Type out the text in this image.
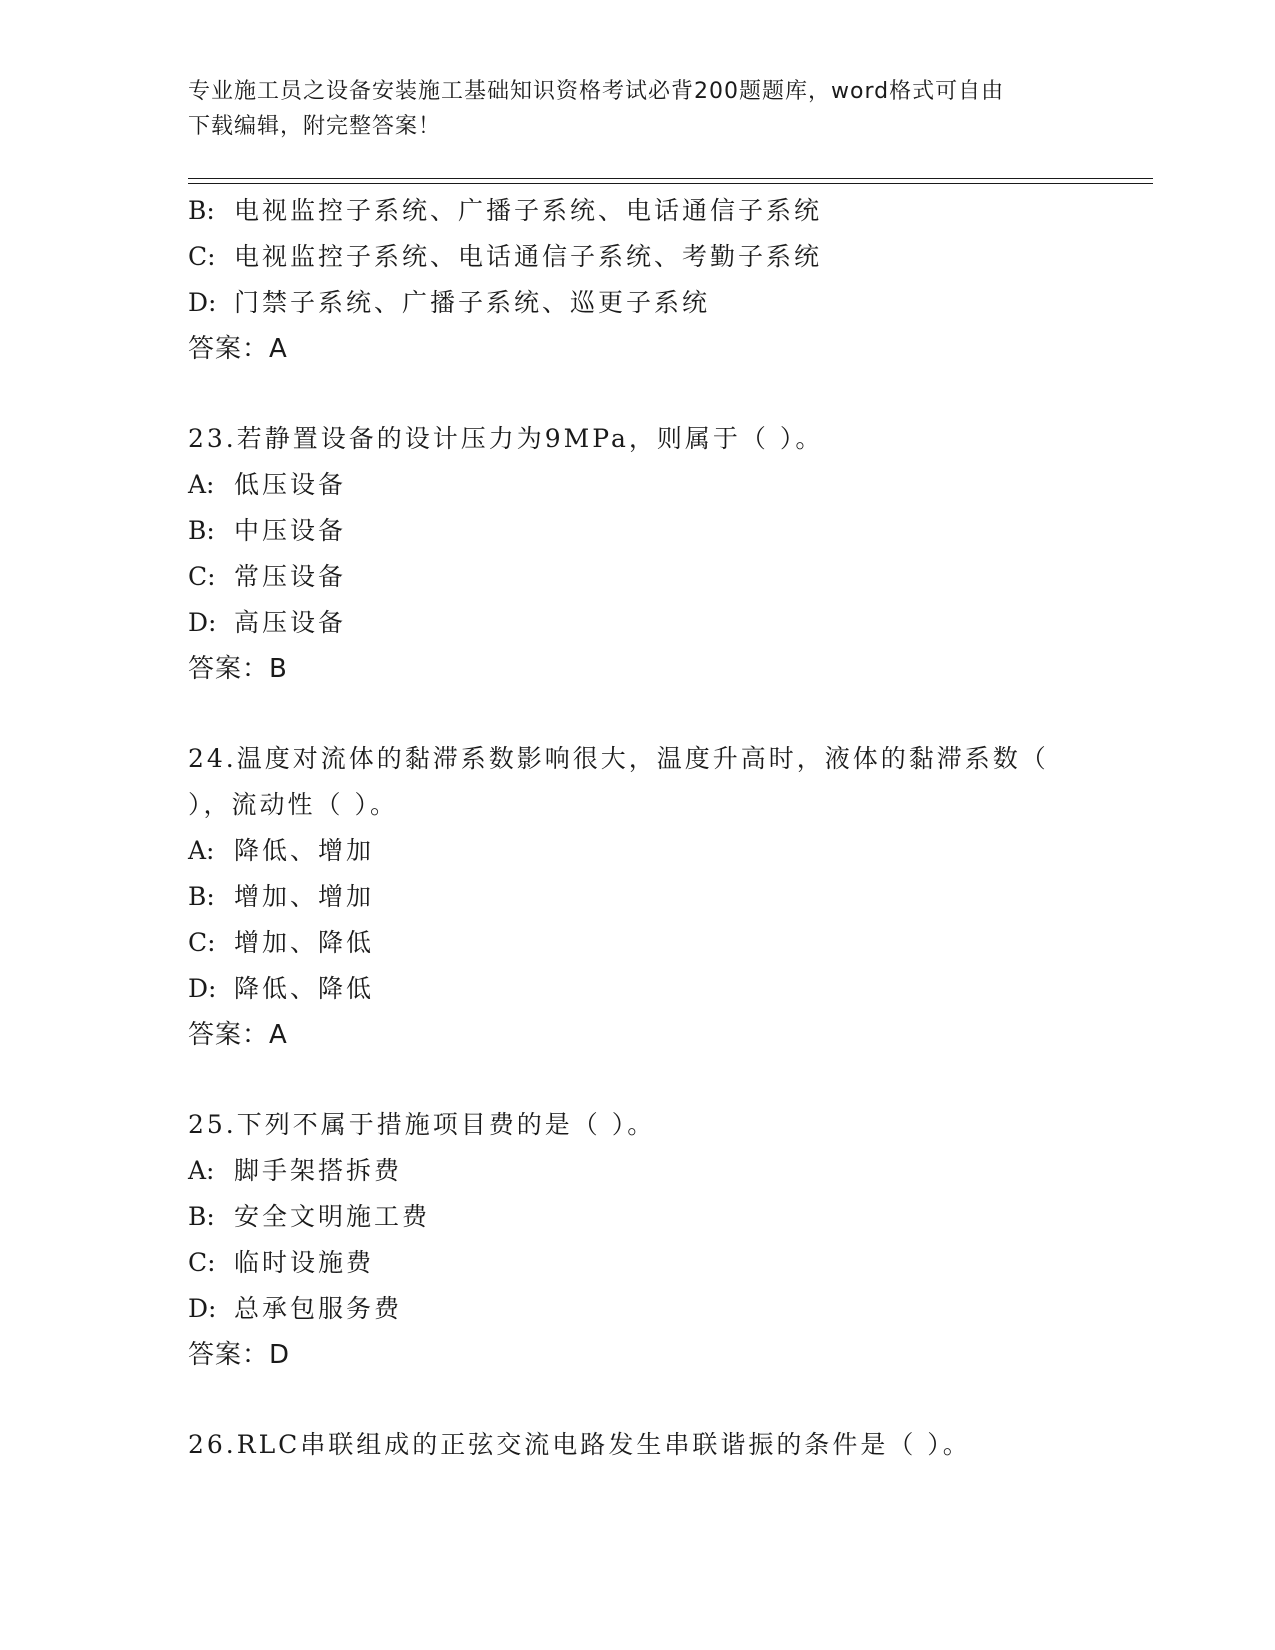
专业施工员之设备安装施工基础知识资格考试必背200题题库，word格式可自由
下载编辑，附完整答案！
B: 电视监控子系统、广播子系统、电话通信子系统
C: 电视监控子系统、电话通信子系统、考勤子系统
D: 门禁子系统、广播子系统、巡更子系统
答案：A
23.若静置设备的设计压力为9MPa，则属于（ ）。
A: 低压设备
B: 中压设备
C: 常压设备
D: 高压设备
答案：B
24.温度对流体的黏滞系数影响很大，温度升高时，液体的黏滞系数（
），流动性（ ）。
A: 降低、增加
B: 增加、增加
C: 增加、降低
D: 降低、降低
答案：A
25.下列不属于措施项目费的是（ ）。
A: 脚手架搭拆费
B: 安全文明施工费
C: 临时设施费
D: 总承包服务费
答案：D
26.RLC串联组成的正弦交流电路发生串联谐振的条件是（ ）。
